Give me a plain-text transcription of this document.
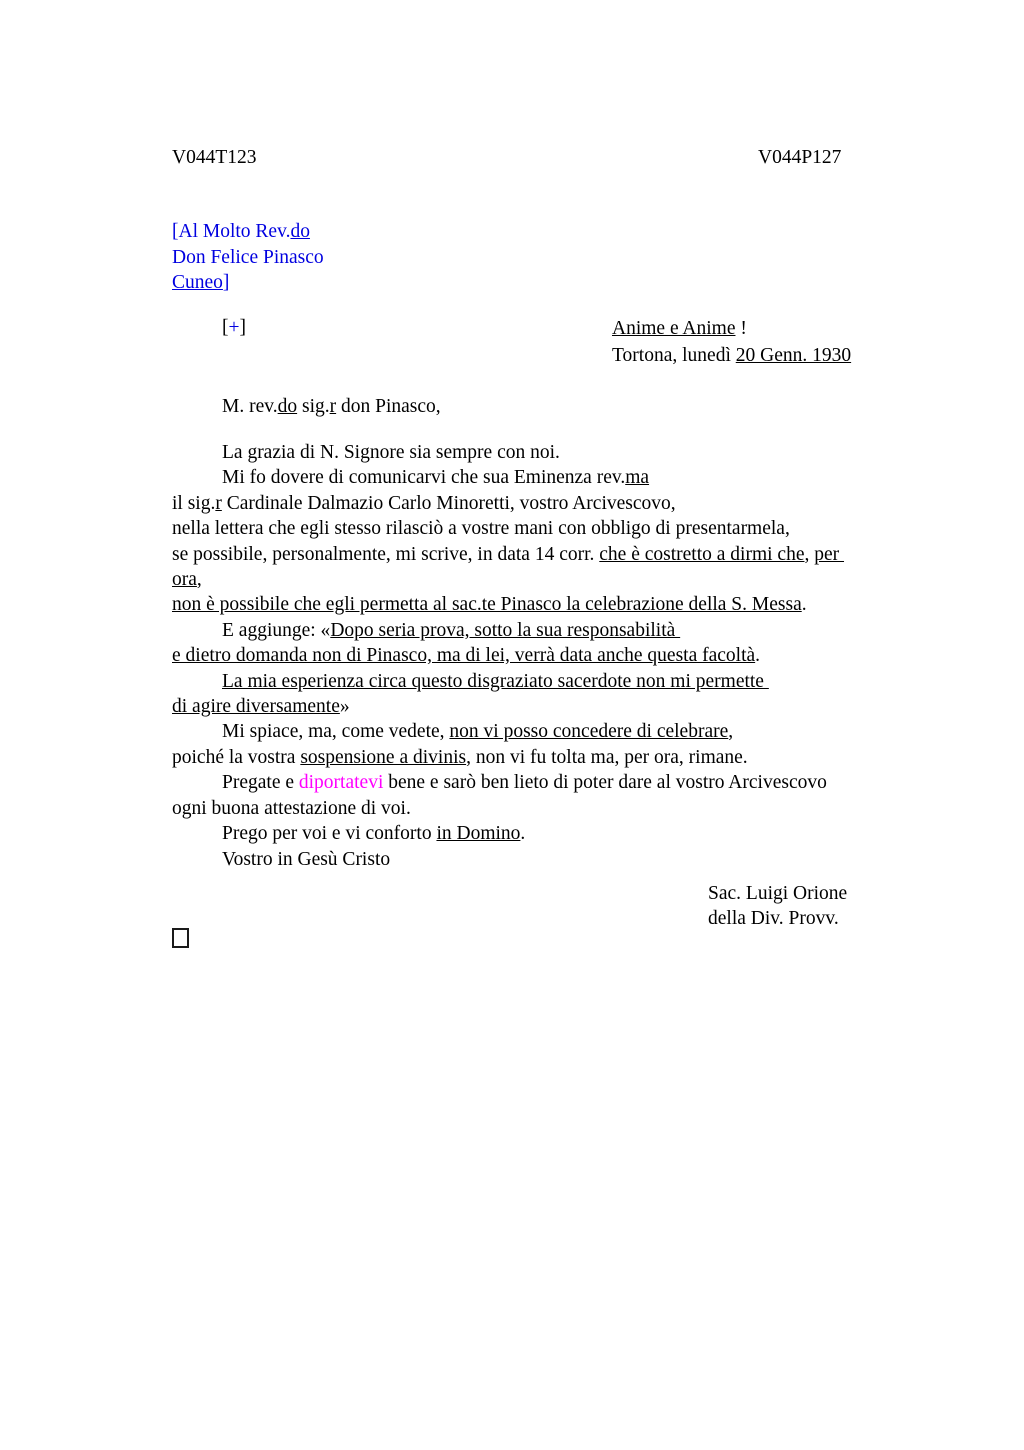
V044T123	V044P127
[Al Molto Rev.do
Don Felice Pinasco
Cuneo]
[+]	Anime e Anime !
Tortona, lunedì 20 Genn. 1930
M. rev.do sig.r don Pinasco,
La grazia di N. Signore sia sempre con noi.
Mi fo dovere di comunicarvi che sua Eminenza rev.ma
il sig.r Cardinale Dalmazio Carlo Minoretti, vostro Arcivescovo,
nella lettera che egli stesso rilasciò a vostre mani con obbligo di presentarmela,
se possibile, personalmente, mi scrive, in data 14 corr. che è costretto a dirmi che, per
ora,
non è possibile che egli permetta al sac.te Pinasco la celebrazione della S. Messa.
E aggiunge: «Dopo seria prova, sotto la sua responsabilità
e dietro domanda non di Pinasco, ma di lei, verrà data anche questa facoltà.
La mia esperienza circa questo disgraziato sacerdote non mi permette
di agire diversamente»
Mi spiace, ma, come vedete, non vi posso concedere di celebrare,
poiché la vostra sospensione a divinis, non vi fu tolta ma, per ora, rimane.
Pregate e diportatevi bene e sarò ben lieto di poter dare al vostro Arcivescovo
ogni buona attestazione di voi.
Prego per voi e vi conforto in Domino.
Vostro in Gesù Cristo
Sac. Luigi Orione
della Div. Provv.
